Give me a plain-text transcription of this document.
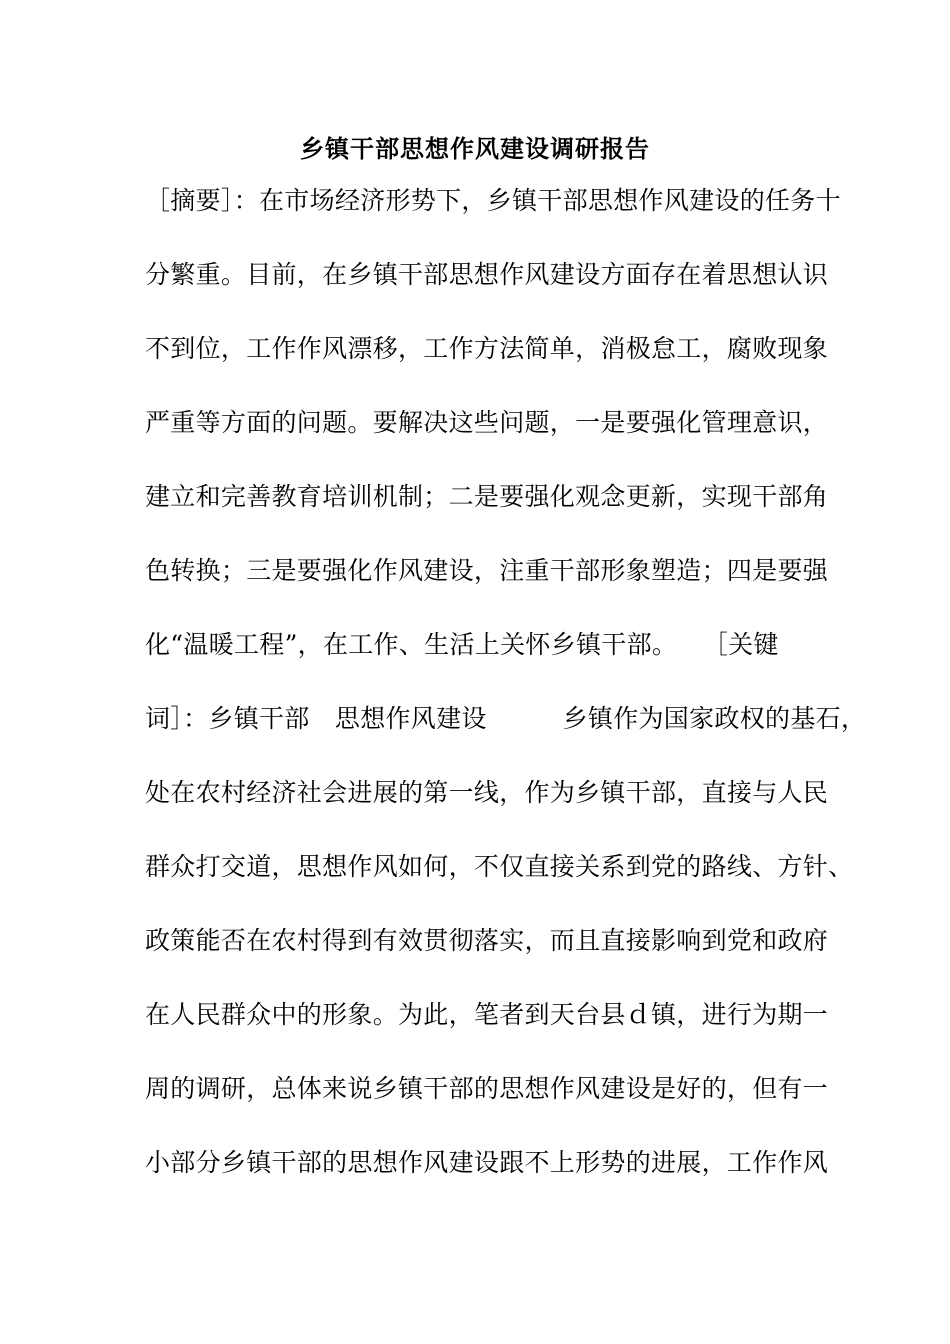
乡镇干部思想作风建设调研报告
［摘要］：在市场经济形势下，乡镇干部思想作风建设的任务十
分繁重。目前，在乡镇干部思想作风建设方面存在着思想认识
不到位，工作作风漂移，工作方法简单，消极怠工，腐败现象
严重等方面的问题。要解决这些问题，一是要强化管理意识，
建立和完善教育培训机制；二是要强化观念更新，实现干部角
色转换；三是要强化作风建设，注重干部形象塑造；四是要强
化“温暖工程”，在工作、生活上关怀乡镇干部。　　［关键
词］：乡镇干部　思想作风建设　　　乡镇作为国家政权的基石，
处在农村经济社会进展的第一线，作为乡镇干部，直接与人民
群众打交道，思想作风如何，不仅直接关系到党的路线、方针、
政策能否在农村得到有效贯彻落实，而且直接影响到党和政府
在人民群众中的形象。为此，笔者到天台县ｄ镇，进行为期一
周的调研，总体来说乡镇干部的思想作风建设是好的，但有一
小部分乡镇干部的思想作风建设跟不上形势的进展，工作作风
